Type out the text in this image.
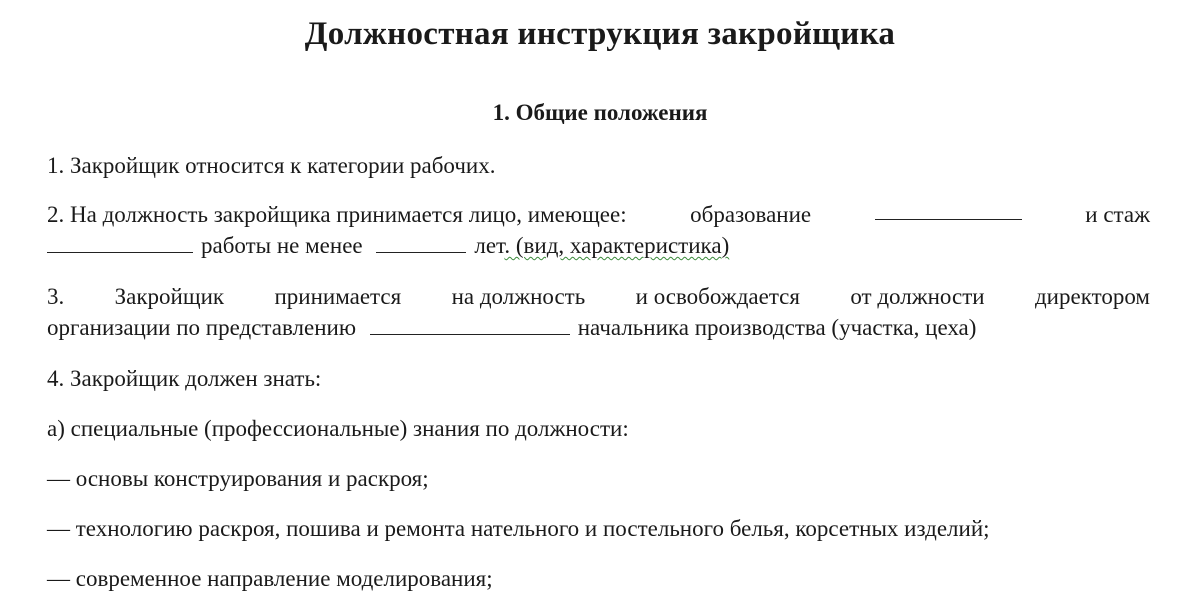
Должностная инструкция закройщика
1. Общие положения
1. Закройщик относится к категории рабочих.
2. На должность закройщика принимается лицо, имеющее:	образование	и стаж
работы не менее	лет. (вид, характеристика)
3. Закройщик принимается на должность и освобождается от должности директором
организации по представлению	начальника производства (участка, цеха)
4. Закройщик должен знать:
а) специальные (профессиональные) знания по должности:
— основы конструирования и раскроя;
— технологию раскроя, пошива и ремонта нательного и постельного белья, корсетных изделий;
— современное направление моделирования;
